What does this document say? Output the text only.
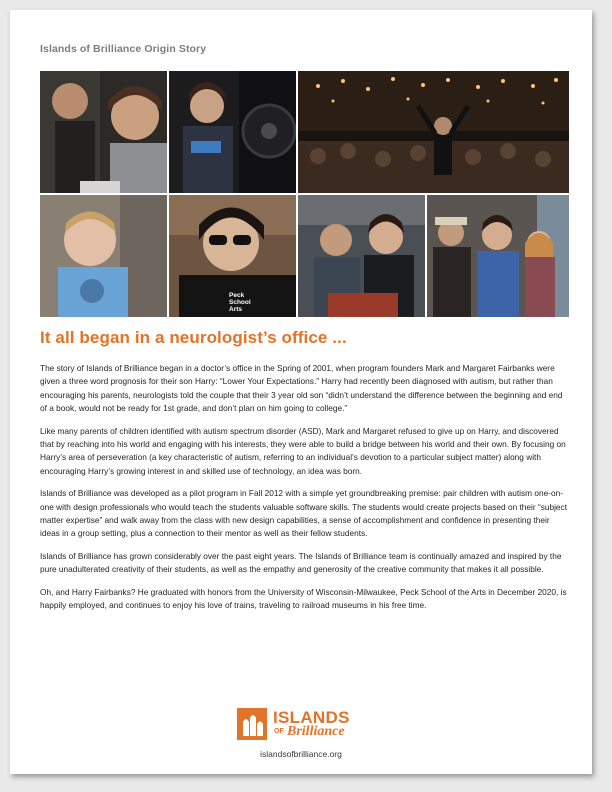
Islands of Brilliance Origin Story
Peck
School
Arts
It all began in a neurologist’s office ...

The story of Islands of Brilliance began in a doctor’s office in the Spring of 2001, when program founders Mark and Margaret Fairbanks were given a three word prognosis for their son Harry: “Lower Your Expectations.” Harry had recently been diagnosed with autism, but rather than encouraging his parents, neurologists told the couple that their 3 year old son “didn’t understand the difference between the beginning and end of a book, would not be ready for 1st grade, and don’t plan on him going to college.”

Like many parents of children identified with autism spectrum disorder (ASD), Mark and Margaret refused to give up on Harry, and discovered that by reaching into his world and engaging with his interests, they were able to build a bridge between his world and their own. By focusing on Harry’s area of perseveration (a key characteristic of autism, referring to an individual’s devotion to a particular subject matter) along with encouraging Harry’s growing interest in and skilled use of technology, an idea was born.

Islands of Brilliance was developed as a pilot program in Fall 2012 with a simple yet groundbreaking premise: pair children with autism one-on-one with design professionals who would teach the students valuable software skills. The students would create projects based on their “subject matter expertise” and walk away from the class with new design capabilities, a sense of accomplishment and confidence in presenting their ideas in a group setting, plus a connection to their mentor as well as their fellow students.

Islands of Brilliance has grown considerably over the past eight years. The Islands of Brilliance team is continually amazed and inspired by the pure unadulterated creativity of their students, as well as the empathy and generosity of the creative community that makes it all possible.

Oh, and Harry Fairbanks? He graduated with honors from the University of Wisconsin-Milwaukee, Peck School of the Arts in December 2020, is happily employed, and continues to enjoy his love of trains, traveling to railroad museums in his free time.

ISLANDS
OF Brilliance
islandsofbrilliance.org
